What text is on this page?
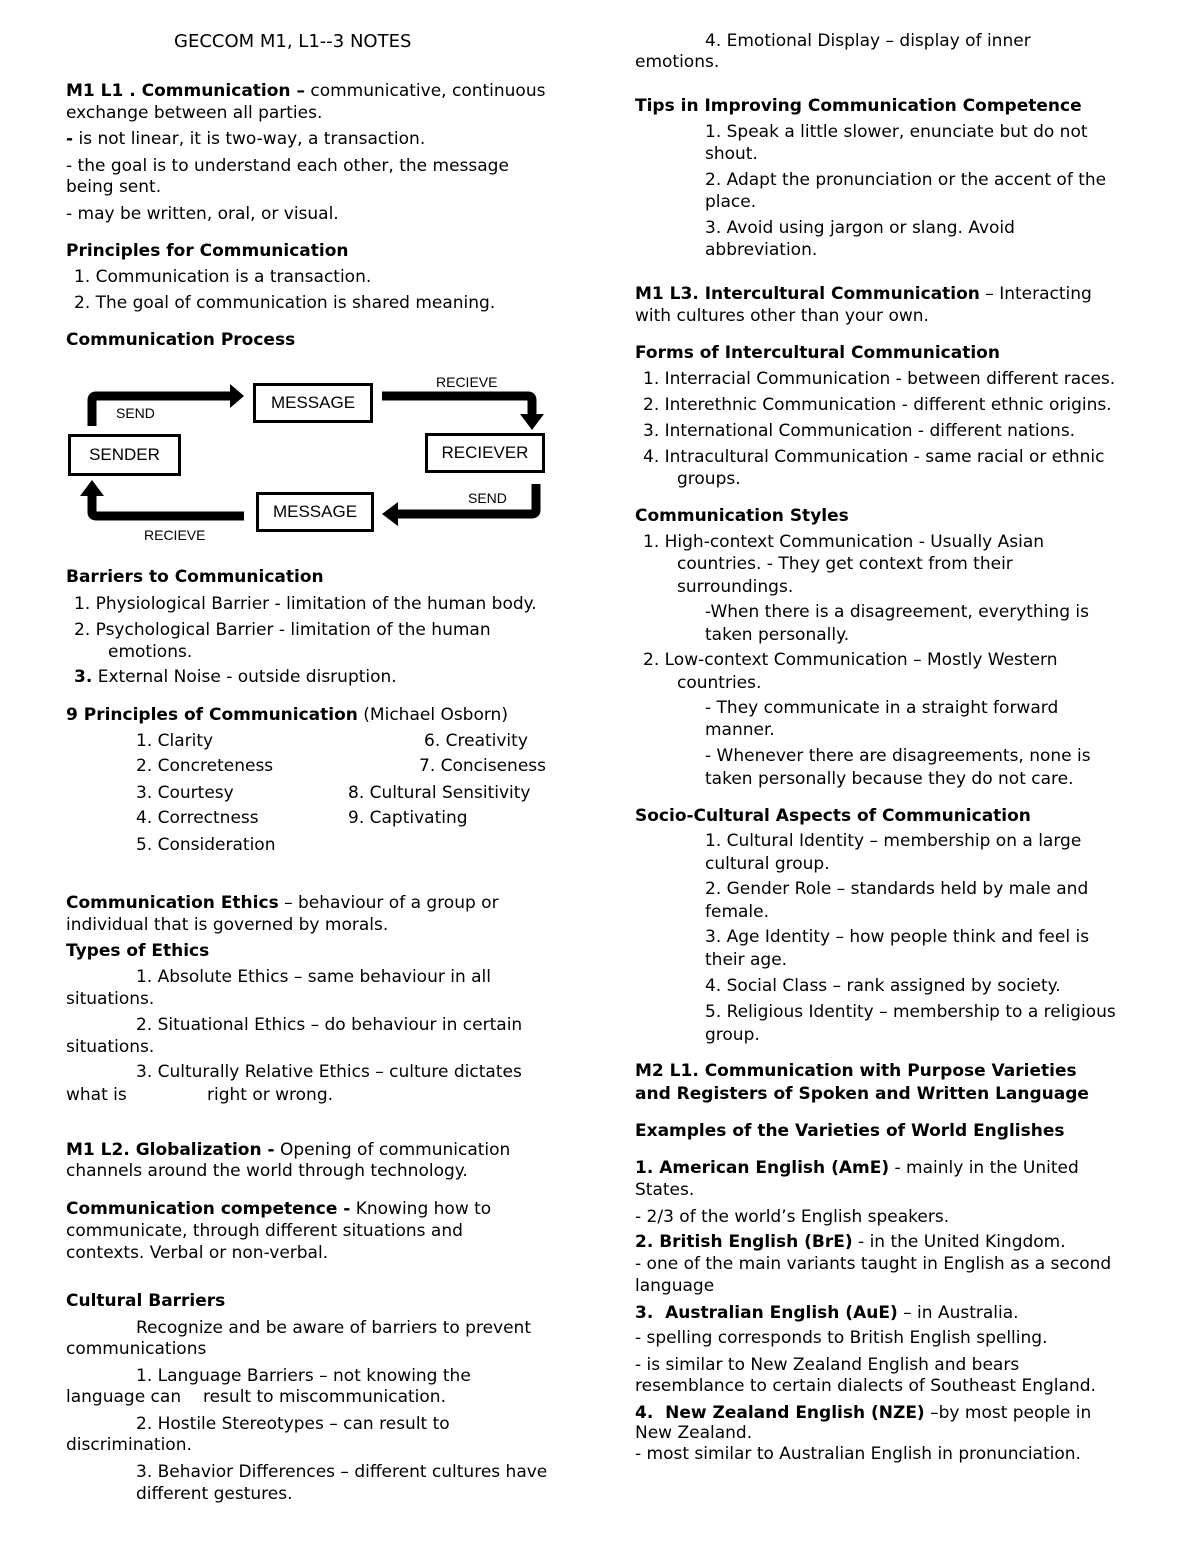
GECCOM M1, L1--3 NOTES
M1 L1 . Communication – communicative, continuous
exchange between all parties.
- is not linear, it is two-way, a transaction.
- the goal is to understand each other, the message
being sent.
- may be written, oral, or visual.
Principles for Communication
1. Communication is a transaction.
2. The goal of communication is shared meaning.
Communication Process
MESSAGE
SENDER	RECIEVER
MESSAGE
SEND
RECIEVE
SEND
RECIEVE
Barriers to Communication
1. Physiological Barrier - limitation of the human body.
2. Psychological Barrier - limitation of the human
emotions.
3. External Noise - outside disruption.
9 Principles of Communication (Michael Osborn)
1. Clarity
2. Concreteness
3. Courtesy
4. Correctness
5. Consideration
6. Creativity
7. Conciseness
8. Cultural Sensitivity
9. Captivating
Communication Ethics – behaviour of a group or
individual that is governed by morals.
Types of Ethics
1. Absolute Ethics – same behaviour in all
situations.
2. Situational Ethics – do behaviour in certain
situations.
3. Culturally Relative Ethics – culture dictates
what is	right or wrong.
M1 L2. Globalization - Opening of communication
channels around the world through technology.
Communication competence - Knowing how to
communicate, through different situations and
contexts. Verbal or non-verbal.
Cultural Barriers
Recognize and be aware of barriers to prevent
communications
1. Language Barriers – not knowing the
language can result to miscommunication.
2. Hostile Stereotypes – can result to
discrimination.
3. Behavior Differences – different cultures have
different gestures.
4. Emotional Display – display of inner
emotions.
Tips in Improving Communication Competence
1. Speak a little slower, enunciate but do not
shout.
2. Adapt the pronunciation or the accent of the
place.
3. Avoid using jargon or slang. Avoid
abbreviation.
M1 L3. Intercultural Communication – Interacting
with cultures other than your own.
Forms of Intercultural Communication
1. Interracial Communication - between different races.
2. Interethnic Communication - different ethnic origins.
3. International Communication - different nations.
4. Intracultural Communication - same racial or ethnic
groups.
Communication Styles
1. High-context Communication - Usually Asian
countries. - They get context from their
surroundings.
-When there is a disagreement, everything is
taken personally.
2. Low-context Communication – Mostly Western
countries.
- They communicate in a straight forward
manner.
- Whenever there are disagreements, none is
taken personally because they do not care.
Socio-Cultural Aspects of Communication
1. Cultural Identity – membership on a large
cultural group.
2. Gender Role – standards held by male and
female.
3. Age Identity – how people think and feel is
their age.
4. Social Class – rank assigned by society.
5. Religious Identity – membership to a religious
group.
M2 L1. Communication with Purpose Varieties
and Registers of Spoken and Written Language
Examples of the Varieties of World Englishes
1. American English (AmE) - mainly in the United
States.
- 2/3 of the world’s English speakers.
2. British English (BrE) - in the United Kingdom.
- one of the main variants taught in English as a second
language
3.  Australian English (AuE) – in Australia.
- spelling corresponds to British English spelling.
- is similar to New Zealand English and bears
resemblance to certain dialects of Southeast England.
4.  New Zealand English (NZE) –by most people in
New Zealand.
- most similar to Australian English in pronunciation.
